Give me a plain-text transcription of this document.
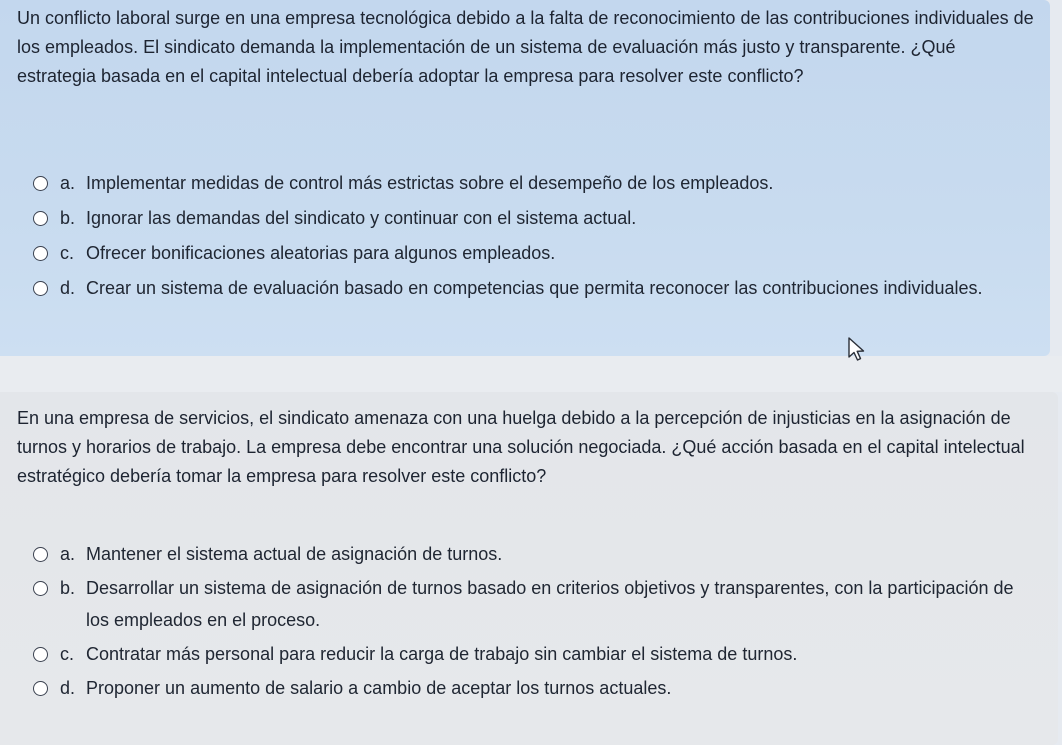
Un conflicto laboral surge en una empresa tecnológica debido a la falta de reconocimiento de las contribuciones individuales de los empleados. El sindicato demanda la implementación de un sistema de evaluación más justo y transparente. ¿Qué estrategia basada en el capital intelectual debería adoptar la empresa para resolver este conflicto?

a. Implementar medidas de control más estrictas sobre el desempeño de los empleados.
b. Ignorar las demandas del sindicato y continuar con el sistema actual.
c. Ofrecer bonificaciones aleatorias para algunos empleados.
d. Crear un sistema de evaluación basado en competencias que permita reconocer las contribuciones individuales.

En una empresa de servicios, el sindicato amenaza con una huelga debido a la percepción de injusticias en la asignación de turnos y horarios de trabajo. La empresa debe encontrar una solución negociada. ¿Qué acción basada en el capital intelectual estratégico debería tomar la empresa para resolver este conflicto?

a. Mantener el sistema actual de asignación de turnos.
b. Desarrollar un sistema de asignación de turnos basado en criterios objetivos y transparentes, con la participación de los empleados en el proceso.
c. Contratar más personal para reducir la carga de trabajo sin cambiar el sistema de turnos.
d. Proponer un aumento de salario a cambio de aceptar los turnos actuales.
